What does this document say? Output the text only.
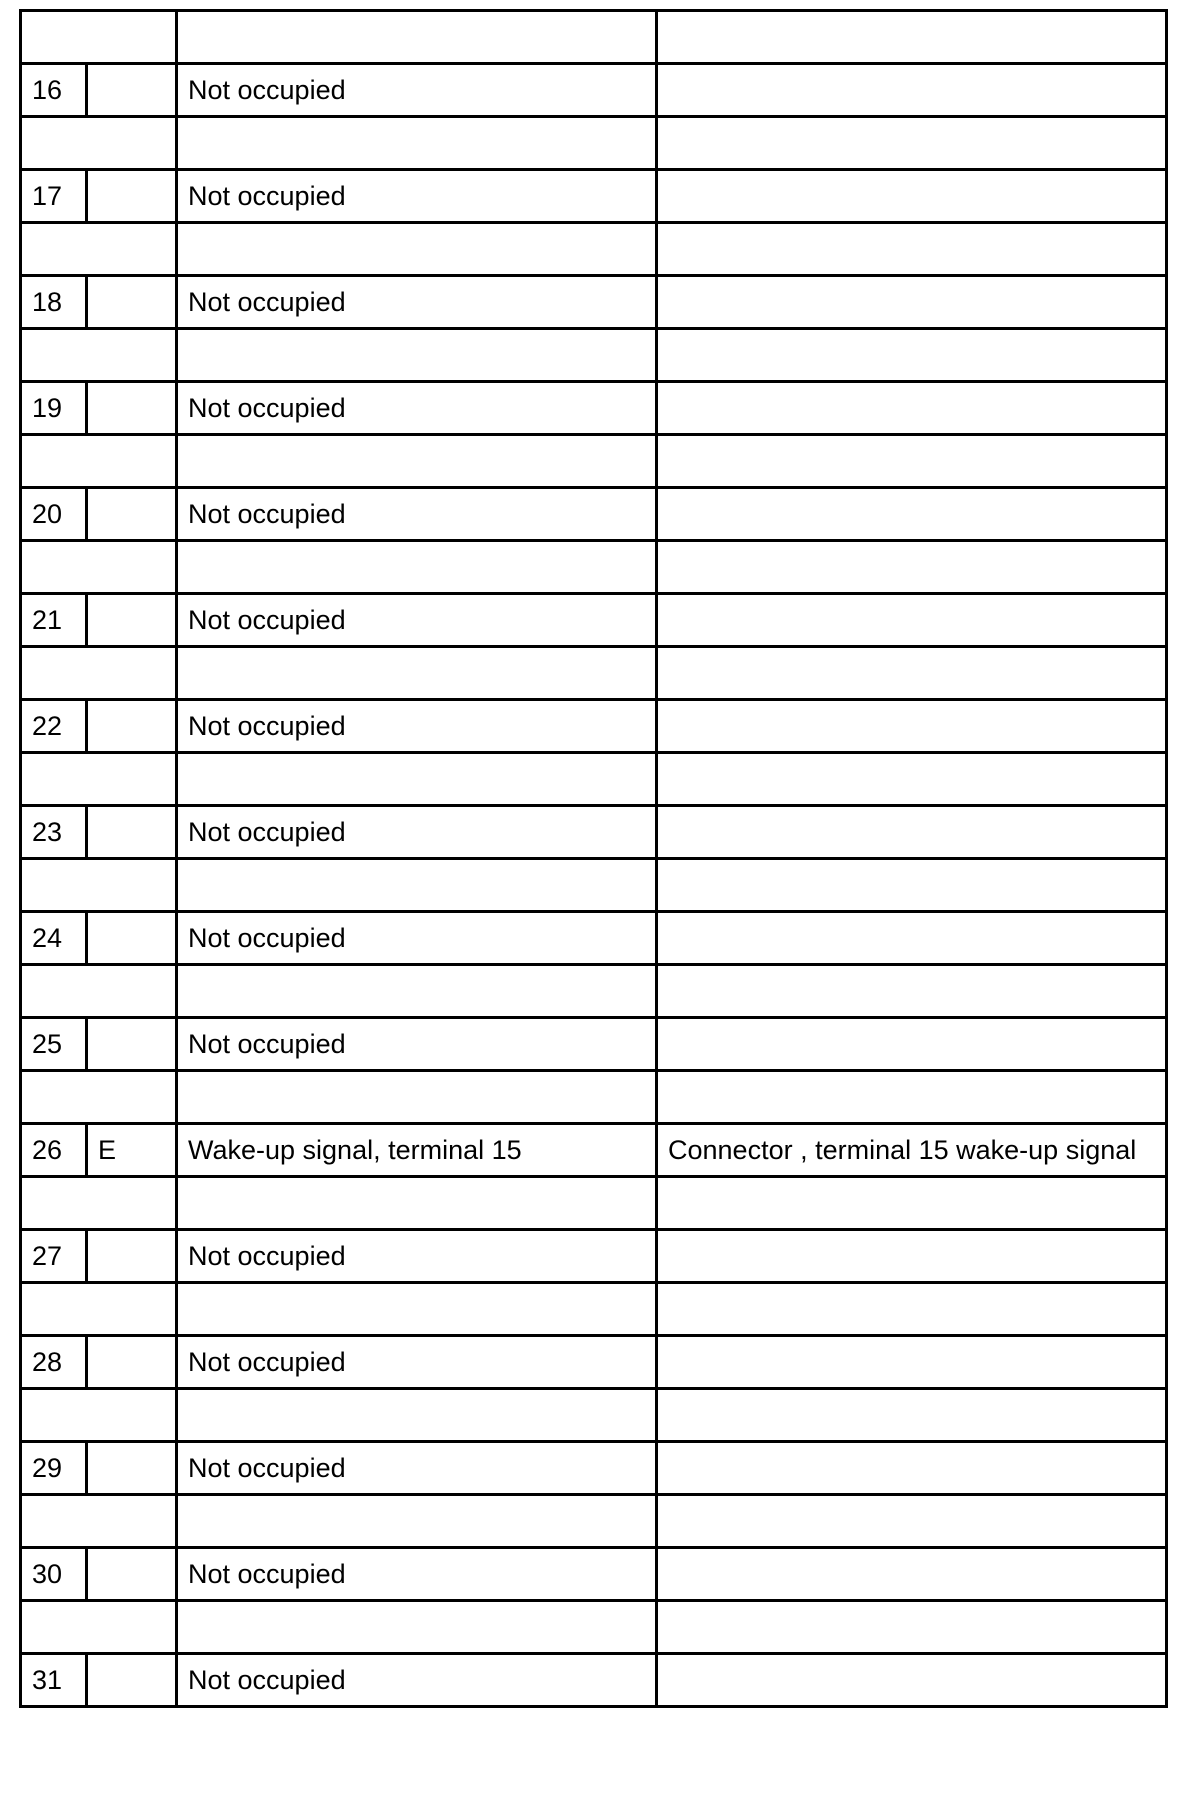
16		Not occupied	

17		Not occupied	

18		Not occupied	

19		Not occupied	

20		Not occupied	

21		Not occupied	

22		Not occupied	

23		Not occupied	

24		Not occupied	

25		Not occupied	

26	E	Wake-up signal, terminal 15	Connector , terminal 15 wake-up signal

27		Not occupied	

28		Not occupied	

29		Not occupied	

30		Not occupied	

31		Not occupied	
